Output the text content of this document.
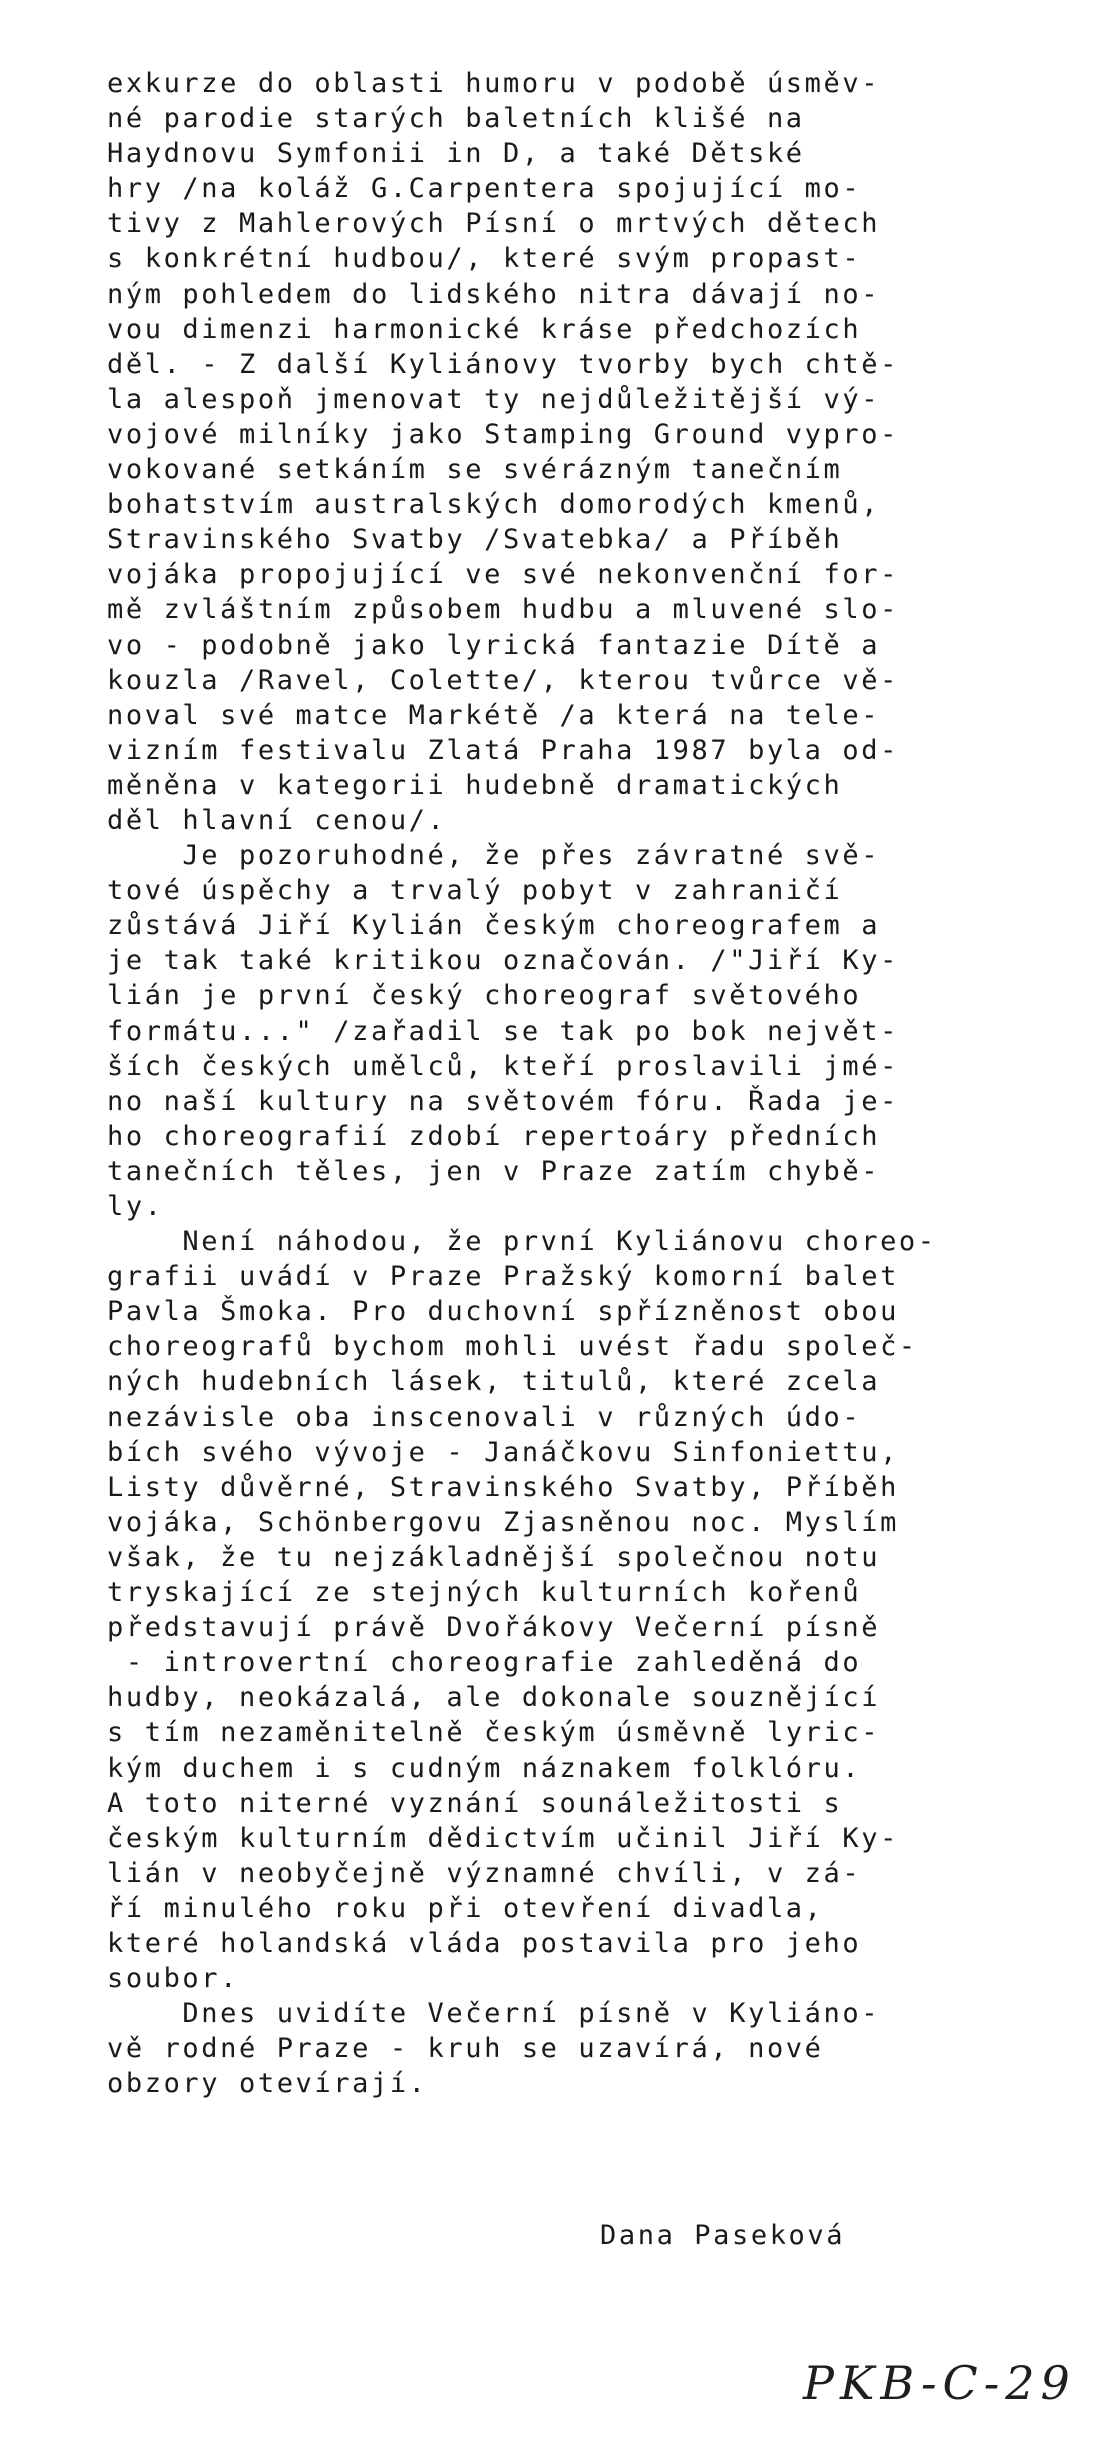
exkurze do oblasti humoru v podobě úsměv-
né parodie starých baletních klišé na
Haydnovu Symfonii in D, a také Dětské
hry /na koláž G.Carpentera spojující mo-
tivy z Mahlerových Písní o mrtvých dětech
s konkrétní hudbou/, které svým propast-
ným pohledem do lidského nitra dávají no-
vou dimenzi harmonické kráse předchozích
děl. - Z další Kyliánovy tvorby bych chtě-
la alespoň jmenovat ty nejdůležitější vý-
vojové milníky jako Stamping Ground vypro-
vokované setkáním se svérázným tanečním
bohatstvím australských domorodých kmenů,
Stravinského Svatby /Svatebka/ a Příběh
vojáka propojující ve své nekonvenční for-
mě zvláštním způsobem hudbu a mluvené slo-
vo - podobně jako lyrická fantazie Dítě a
kouzla /Ravel, Colette/, kterou tvůrce vě-
noval své matce Markétě /a která na tele-
vizním festivalu Zlatá Praha 1987 byla od-
měněna v kategorii hudebně dramatických
děl hlavní cenou/.
Je pozoruhodné, že přes závratné svě-
tové úspěchy a trvalý pobyt v zahraničí
zůstává Jiří Kylián českým choreografem a
je tak také kritikou označován. /"Jiří Ky-
lián je první český choreograf světového
formátu..." /zařadil se tak po bok největ-
ších českých umělců, kteří proslavili jmé-
no naší kultury na světovém fóru. Řada je-
ho choreografií zdobí repertoáry předních
tanečních těles, jen v Praze zatím chybě-
ly.
Není náhodou, že první Kyliánovu choreo-
grafii uvádí v Praze Pražský komorní balet
Pavla Šmoka. Pro duchovní spřízněnost obou
choreografů bychom mohli uvést řadu společ-
ných hudebních lásek, titulů, které zcela
nezávisle oba inscenovali v různých údo-
bích svého vývoje - Janáčkovu Sinfoniettu,
Listy důvěrné, Stravinského Svatby, Příběh
vojáka, Schönbergovu Zjasněnou noc. Myslím
však, že tu nejzákladnější společnou notu
tryskající ze stejných kulturních kořenů
představují právě Dvořákovy Večerní písně
- introvertní choreografie zahleděná do
hudby, neokázalá, ale dokonale souznějící
s tím nezaměnitelně českým úsměvně lyric-
kým duchem i s cudným náznakem folklóru.
A toto niterné vyznání sounáležitosti s
českým kulturním dědictvím učinil Jiří Ky-
lián v neobyčejně významné chvíli, v zá-
ří minulého roku při otevření divadla,
které holandská vláda postavila pro jeho
soubor.
Dnes uvidíte Večerní písně v Kyliáno-
vě rodné Praze - kruh se uzavírá, nové
obzory otevírají.
Dana Paseková
PKB-C-29
